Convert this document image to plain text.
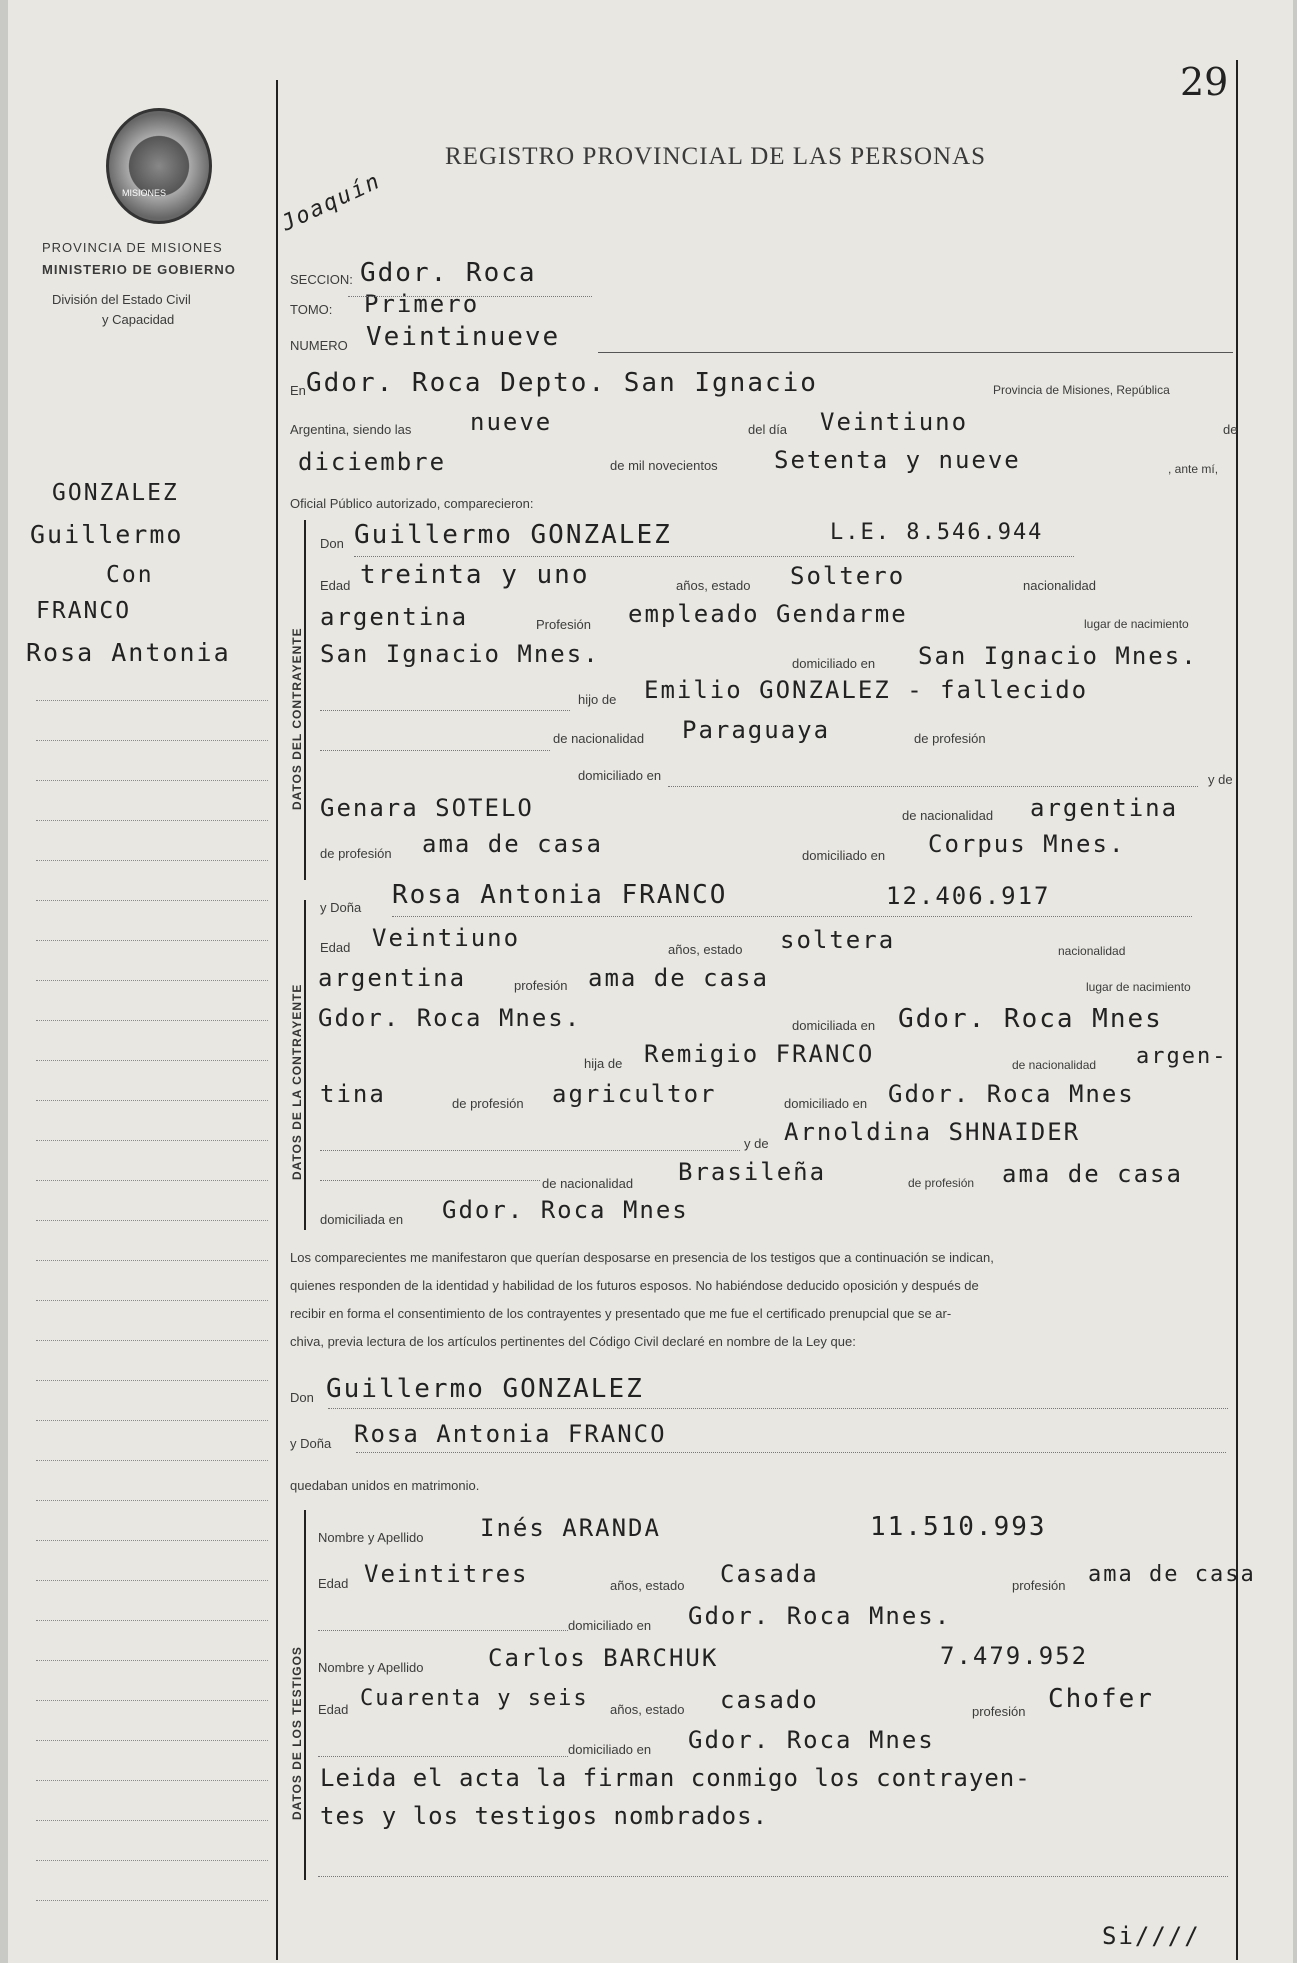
MISIONES
PROVINCIA DE MISIONES
MINISTERIO DE GOBIERNO
División del Estado Civil
y Capacidad
29
REGISTRO PROVINCIAL DE LAS PERSONAS
Joaquín
GONZALEZ
Guillermo
Con
FRANCO
Rosa Antonia
SECCION: Gdor. Roca
TOMO: Primero
NUMERO Veintinueve
En Gdor. Roca Depto. San Ignacio	Provincia de Misiones, República
Argentina, siendo las nueve	del día Veintiuno	de
diciembre	de mil novecientos Setenta y nueve	, ante mí,
Oficial Público autorizado, comparecieron:
DATOS DEL CONTRAYENTE
Don Guillermo GONZALEZ	L.E. 8.546.944
Edad treinta y uno	años, estado Soltero	nacionalidad
argentina	Profesión empleado Gendarme	lugar de nacimiento
San Ignacio Mnes.	domiciliado en San Ignacio Mnes.
hijo de Emilio GONZALEZ - fallecido
de nacionalidad Paraguaya	de profesión
domiciliado en	y de
Genara SOTELO	de nacionalidad argentina
de profesión ama de casa	domiciliado en Corpus Mnes.
DATOS DE LA CONTRAYENTE
y Doña Rosa Antonia FRANCO	12.406.917
Edad Veintiuno	años, estado soltera	nacionalidad
argentina	profesión ama de casa	lugar de nacimiento
Gdor. Roca Mnes.	domiciliada en Gdor. Roca Mnes
hija de Remigio FRANCO	de nacionalidad argen-
tina	de profesión agricultor	domiciliado en Gdor. Roca Mnes
y de Arnoldina SHNAIDER
de nacionalidad Brasileña	de profesión ama de casa
domiciliada en Gdor. Roca Mnes
Los comparecientes me manifestaron que querían desposarse en presencia de los testigos que a continuación se indican,
quienes responden de la identidad y habilidad de los futuros esposos. No habiéndose deducido oposición y después de
recibir en forma el consentimiento de los contrayentes y presentado que me fue el certificado prenupcial que se ar-
chiva, previa lectura de los artículos pertinentes del Código Civil declaré en nombre de la Ley que:
Don Guillermo GONZALEZ
y Doña Rosa Antonia FRANCO
quedaban unidos en matrimonio.
DATOS DE LOS TESTIGOS
Nombre y Apellido Inés ARANDA	11.510.993
Edad Veintitres	años, estado Casada	profesión ama de casa
domiciliado en Gdor. Roca Mnes.
Nombre y Apellido	Carlos BARCHUK	7.479.952
Edad Cuarenta y seis años, estado casado	profesión Chofer
domiciliado en Gdor. Roca Mnes
Leida el acta la firman conmigo los contrayen-
tes y los testigos nombrados.
Si////
